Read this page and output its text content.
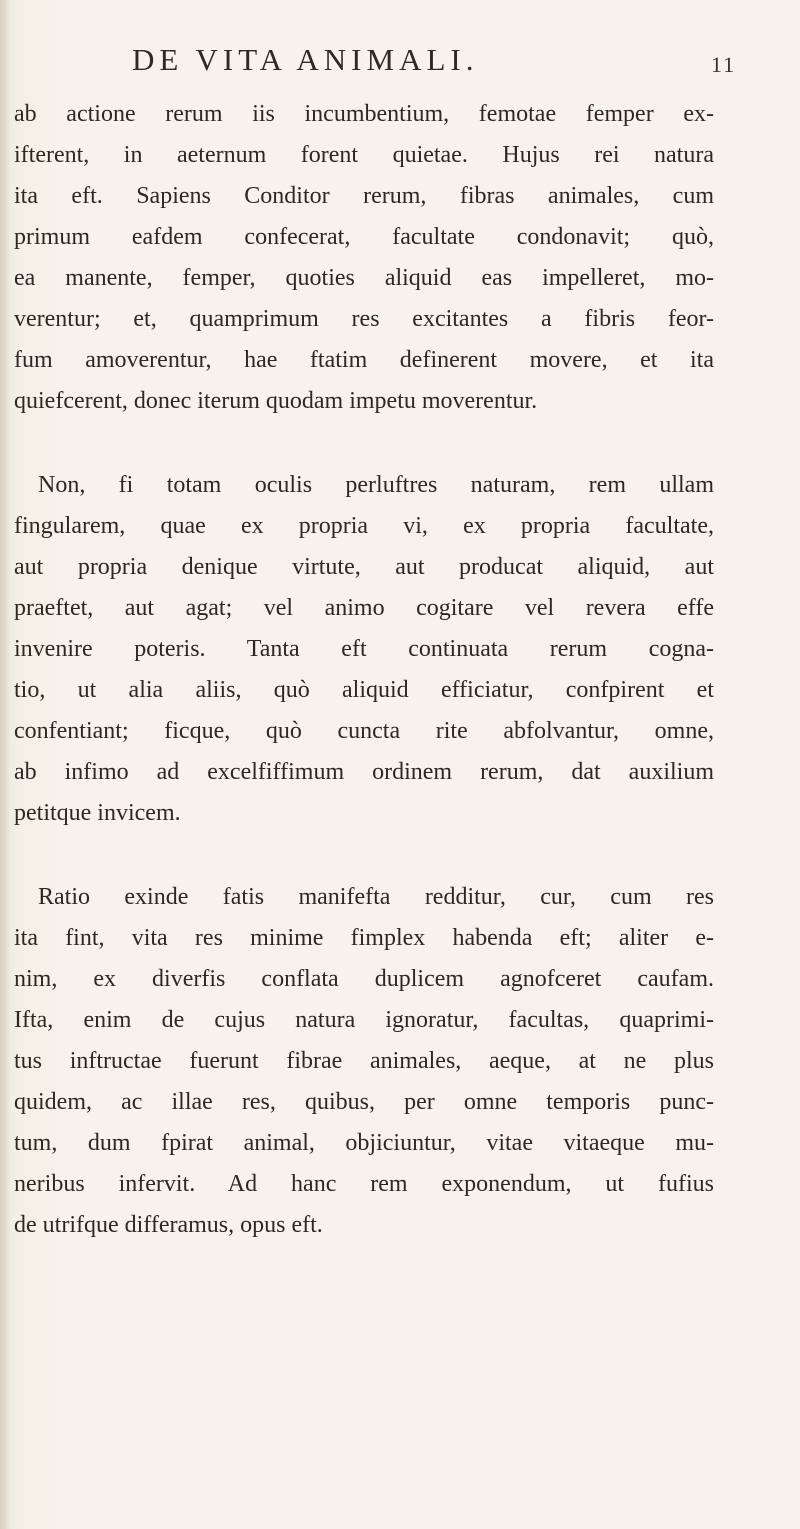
DE VITA ANIMALI.	11
ab actione rerum iis incumbentium, femotae femper ex-
ifterent, in aeternum forent quietae. Hujus rei natura
ita eft. Sapiens Conditor rerum, fibras animales, cum
primum eafdem confecerat, facultate condonavit; quò,
ea manente, femper, quoties aliquid eas impelleret, mo-
verentur; et, quamprimum res excitantes a fibris feor-
fum amoverentur, hae ftatim definerent movere, et ita
quiefcerent, donec iterum quodam impetu moverentur.
Non, fi totam oculis perluftres naturam, rem ullam
fingularem, quae ex propria vi, ex propria facultate,
aut propria denique virtute, aut producat aliquid, aut
praeftet, aut agat; vel animo cogitare vel revera effe
invenire poteris. Tanta eft continuata rerum cogna-
tio, ut alia aliis, quò aliquid efficiatur, confpirent et
confentiant; ficque, quò cuncta rite abfolvantur, omne,
ab infimo ad excelfiffimum ordinem rerum, dat auxilium
petitque invicem.
Ratio exinde fatis manifefta redditur, cur, cum res
ita fint, vita res minime fimplex habenda eft; aliter e-
nim, ex diverfis conflata duplicem agnofceret caufam.
Ifta, enim de cujus natura ignoratur, facultas, quaprimi-
tus inftructae fuerunt fibrae animales, aeque, at ne plus
quidem, ac illae res, quibus, per omne temporis punc-
tum, dum fpirat animal, objiciuntur, vitae vitaeque mu-
neribus infervit. Ad hanc rem exponendum, ut fufius
de utrifque differamus, opus eft.
